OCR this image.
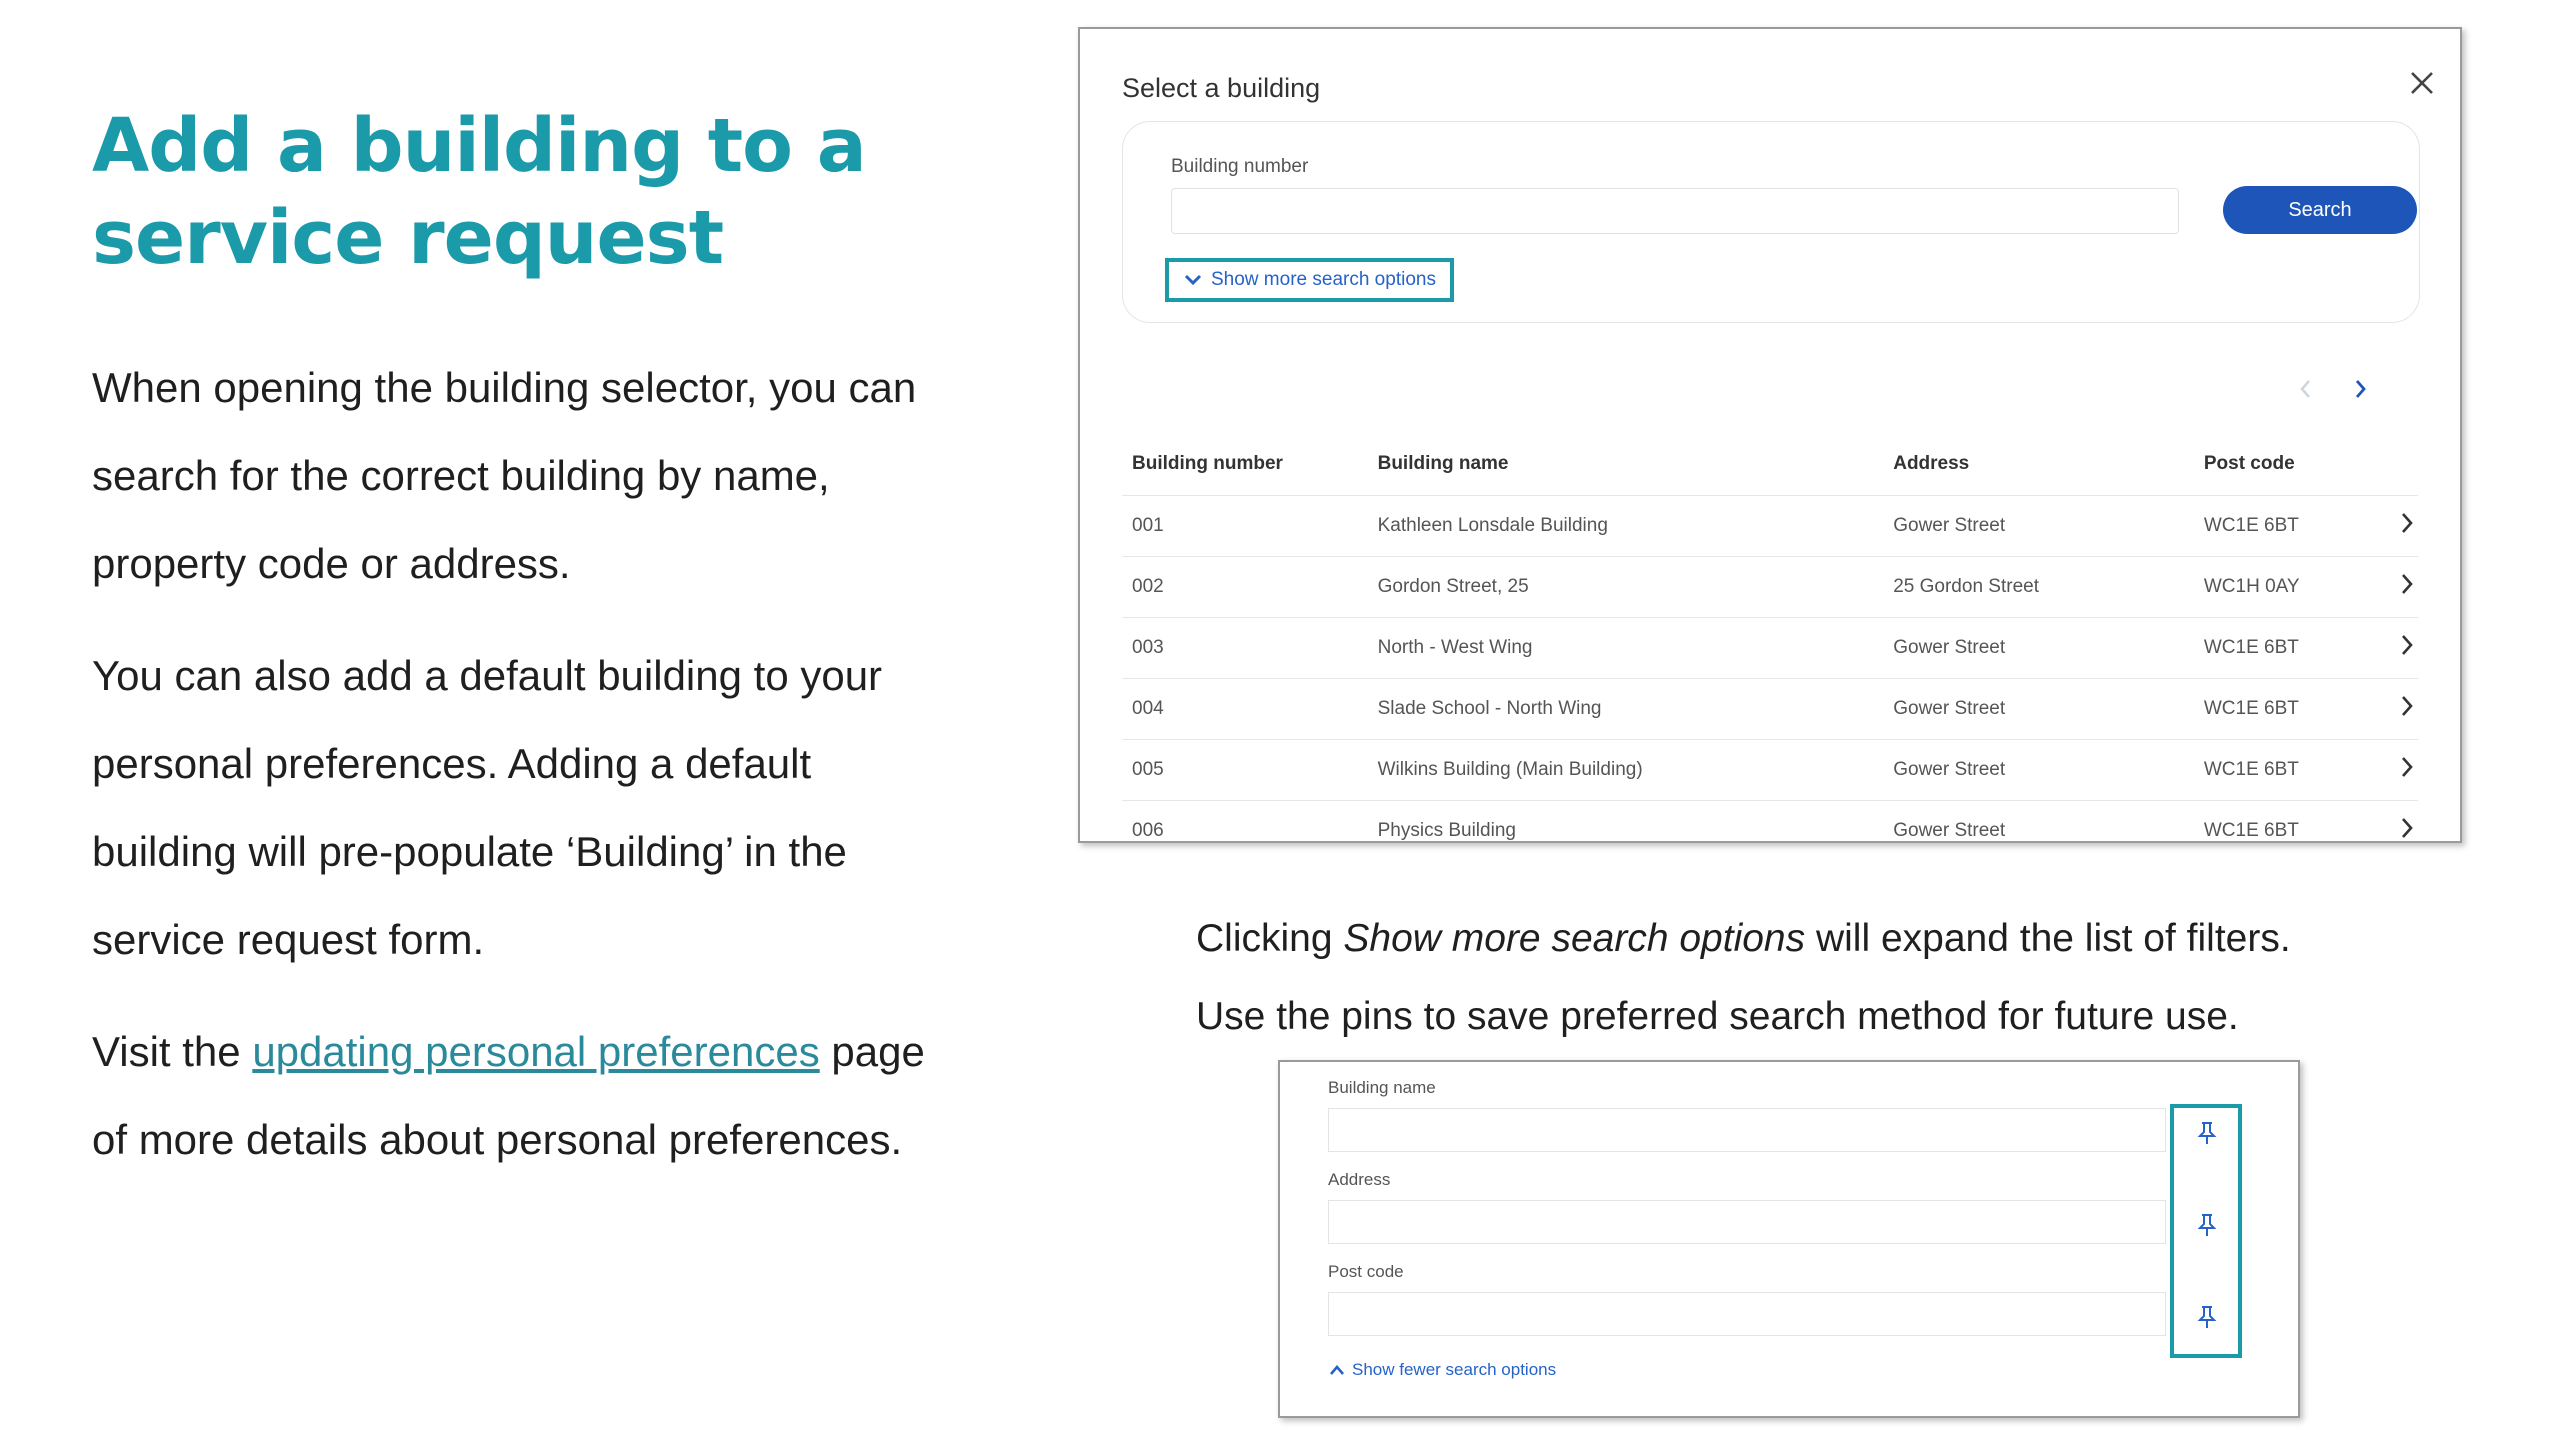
Add a building to a
service request

When opening the building selector, you can search for the correct building by name, property code or address.

You can also add a default building to your personal preferences. Adding a default building will pre-populate ‘Building’ in the service request form.

Visit the updating personal preferences page of more details about personal preferences.

Select a building
Building number
Search
Show more search options
Building number	Building name	Address	Post code	
001	Kathleen Lonsdale Building	Gower Street	WC1E 6BT	
002	Gordon Street, 25	25 Gordon Street	WC1H 0AY	
003	North - West Wing	Gower Street	WC1E 6BT	
004	Slade School - North Wing	Gower Street	WC1E 6BT	
005	Wilkins Building (Main Building)	Gower Street	WC1E 6BT	
006	Physics Building	Gower Street	WC1E 6BT	
Clicking Show more search options will expand the list of filters.
Use the pins to save preferred search method for future use.
Building name
Address
Post code
Show fewer search options
